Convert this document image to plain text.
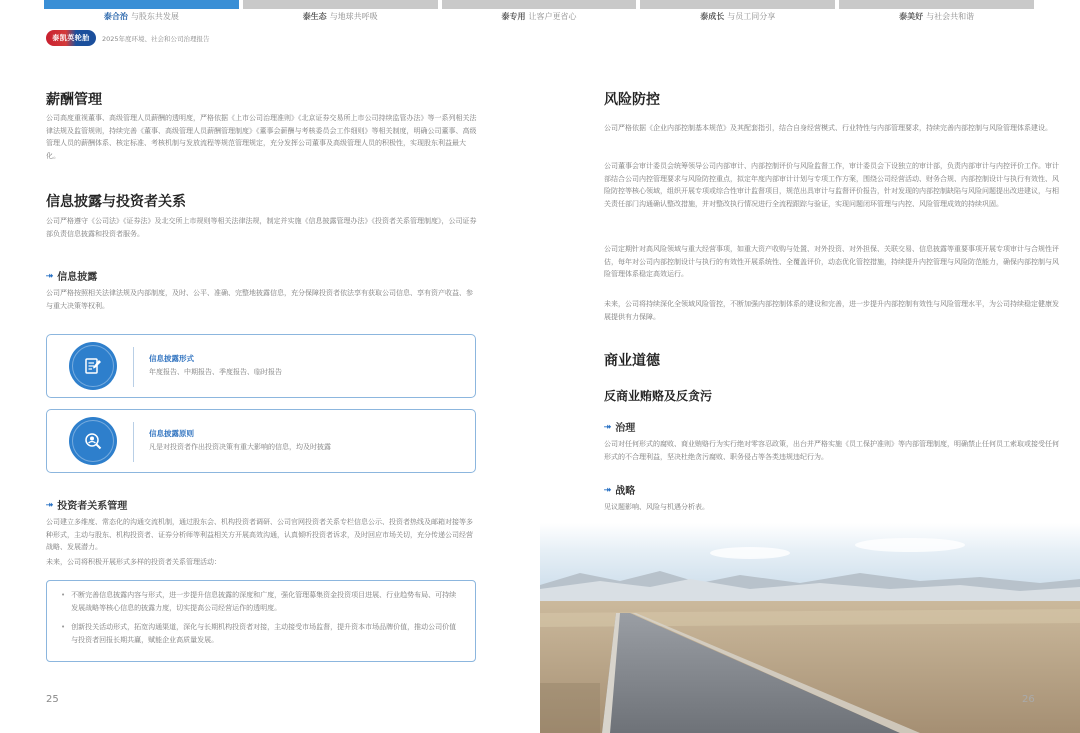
泰合治 与股东共发展	泰生态 与地球共呼吸	泰专用 让客户更省心	泰成长 与员工同分享	泰美好 与社会共和谐
泰凯英轮胎	2025年度环境、社会和公司治理报告
薪酬管理
公司高度重视董事、高级管理人员薪酬的透明度，严格依据《上市公司治理准则》《北京证券交易所上市公司持续监管办法》等一系列相关法律法规及监管规则，持续完善《董事、高级管理人员薪酬管理制度》《董事会薪酬与考核委员会工作细则》等相关制度，明确公司董事、高级管理人员的薪酬体系、核定标准、考核机制与发放流程等规范管理规定，充分发挥公司董事及高级管理人员的积极性，实现股东利益最大化。
信息披露与投资者关系
公司严格遵守《公司法》《证券法》及北交所上市规则等相关法律法规，制定并实施《信息披露管理办法》《投资者关系管理制度》，公司证券部负责信息披露和投资者服务。
⯮ 信息披露
公司严格按照相关法律法规及内部制度，及时、公平、准确、完整地披露信息，充分保障投资者依法享有获取公司信息、享有资产收益、参与重大决策等权利。
信息披露形式
年度报告、中期报告、季度报告、临时报告
信息披露原则
凡是对投资者作出投资决策有重大影响的信息，均及时披露
⯮ 投资者关系管理
公司建立多维度、常态化的沟通交流机制，通过股东会、机构投资者调研、公司官网投资者关系专栏信息公示、投资者热线及邮箱对接等多种形式，主动与股东、机构投资者、证券分析师等利益相关方开展高效沟通，认真倾听投资者诉求，及时回应市场关切，充分传递公司经营战略、发展潜力。
未来，公司将积极开展形式多样的投资者关系管理活动：
• 不断完善信息披露内容与形式，进一步提升信息披露的深度和广度，强化管理募集资金投资项目进展、行业趋势布局、可持续发展战略等核心信息的披露力度，切实提高公司经营运作的透明度。
• 创新投关活动形式，拓宽沟通渠道，深化与长期机构投资者对接，主动接受市场监督，提升资本市场品牌价值，推动公司价值与投资者回报长期共赢，赋能企业高质量发展。
25
风险防控
公司严格依据《企业内部控制基本规范》及其配套指引，结合自身经营模式、行业特性与内部管理要求，持续完善内部控制与风险管理体系建设。
公司董事会审计委员会统筹领导公司内部审计、内部控制评价与风险监督工作，审计委员会下设独立的审计部，负责内部审计与内控评价工作。审计部结合公司内控管理要求与风险防控重点，拟定年度内部审计计划与专项工作方案，围绕公司经营活动、财务合规、内部控制设计与执行有效性、风险防控等核心领域，组织开展专项或综合性审计监督项目，规范出具审计与监督评价报告，针对发现的内部控制缺陷与风险问题提出改进建议，与相关责任部门沟通确认整改措施，并对整改执行情况进行全流程跟踪与验证，实现问题闭环管理与内控、风险管理成效的持续巩固。
公司定期针对高风险领域与重大经营事项，如重大资产收购与处置、对外投资、对外担保、关联交易、信息披露等重要事项开展专项审计与合规性评估，每年对公司内部控制设计与执行的有效性开展系统性、全覆盖评价，动态优化管控措施，持续提升内控管理与风险防范能力，确保内部控制与风险管理体系稳定高效运行。
未来，公司将持续深化全领域风险管控，不断加强内部控制体系的建设和完善，进一步提升内部控制有效性与风险管理水平，为公司持续稳定健康发展提供有力保障。
商业道德
反商业贿赂及反贪污
⯮ 治理
公司对任何形式的腐败、商业贿赂行为实行绝对零容忍政策，出台并严格实施《员工保护准则》等内部管理制度，明确禁止任何员工索取或接受任何形式的不合理利益，坚决杜绝贪污腐败、职务侵占等各类违规违纪行为。
⯮ 战略
见议题影响、风险与机遇分析表。
26
